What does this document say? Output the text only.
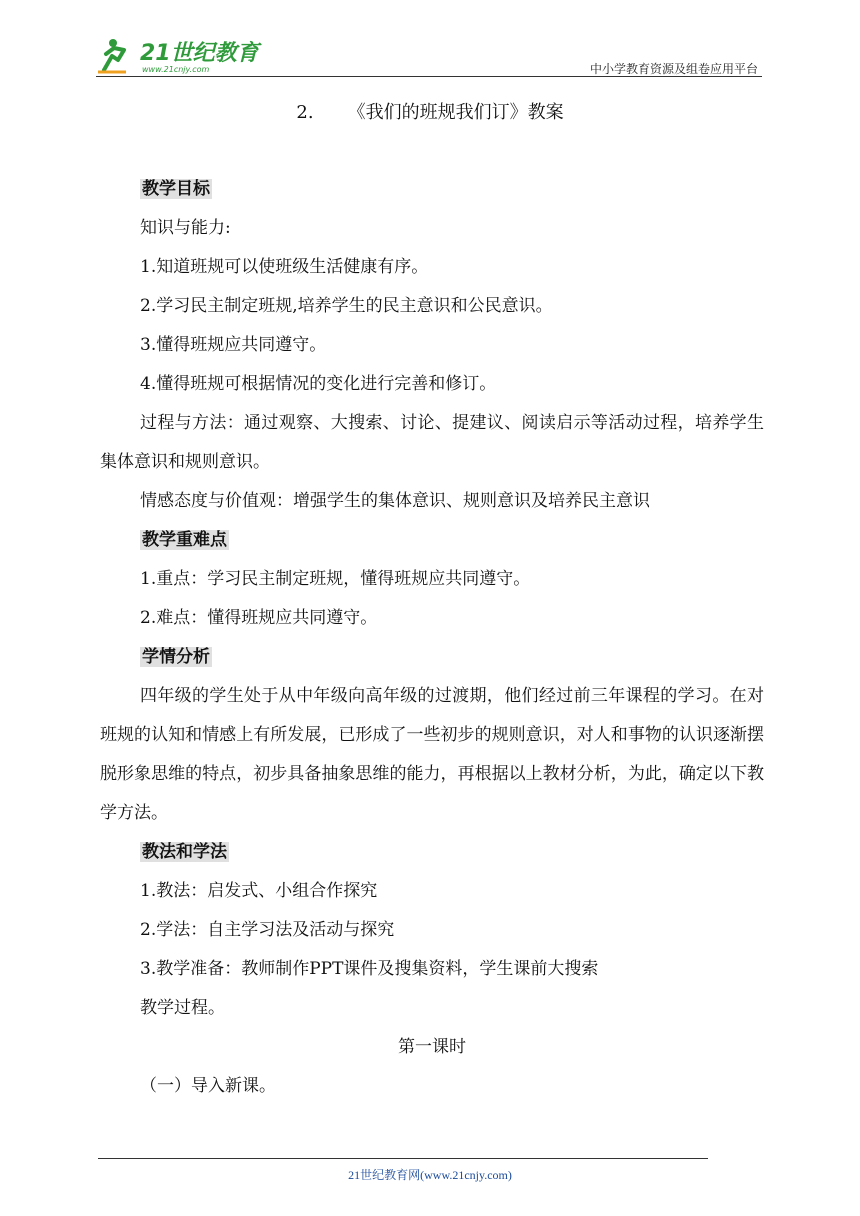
21世纪教育
www.21cnjy.com	中小学教育资源及组卷应用平台
2. 《我们的班规我们订》教案
教学目标
知识与能力:
1.知道班规可以使班级生活健康有序。
2.学习民主制定班规,培养学生的民主意识和公民意识。
3.懂得班规应共同遵守。
4.懂得班规可根据情况的变化进行完善和修订。
过程与方法：通过观察、大搜索、讨论、提建议、阅读启示等活动过程，培养学生集体意识和规则意识。
情感态度与价值观：增强学生的集体意识、规则意识及培养民主意识
教学重难点
1.重点：学习民主制定班规，懂得班规应共同遵守。
2.难点：懂得班规应共同遵守。
学情分析
四年级的学生处于从中年级向高年级的过渡期，他们经过前三年课程的学习。在对班规的认知和情感上有所发展，已形成了一些初步的规则意识，对人和事物的认识逐渐摆脱形象思维的特点，初步具备抽象思维的能力，再根据以上教材分析，为此，确定以下教学方法。
教法和学法
1.教法：启发式、小组合作探究
2.学法：自主学习法及活动与探究
3.教学准备：教师制作PPT课件及搜集资料，学生课前大搜索
教学过程。
第一课时
（一）导入新课。
21世纪教育网(www.21cnjy.com)
